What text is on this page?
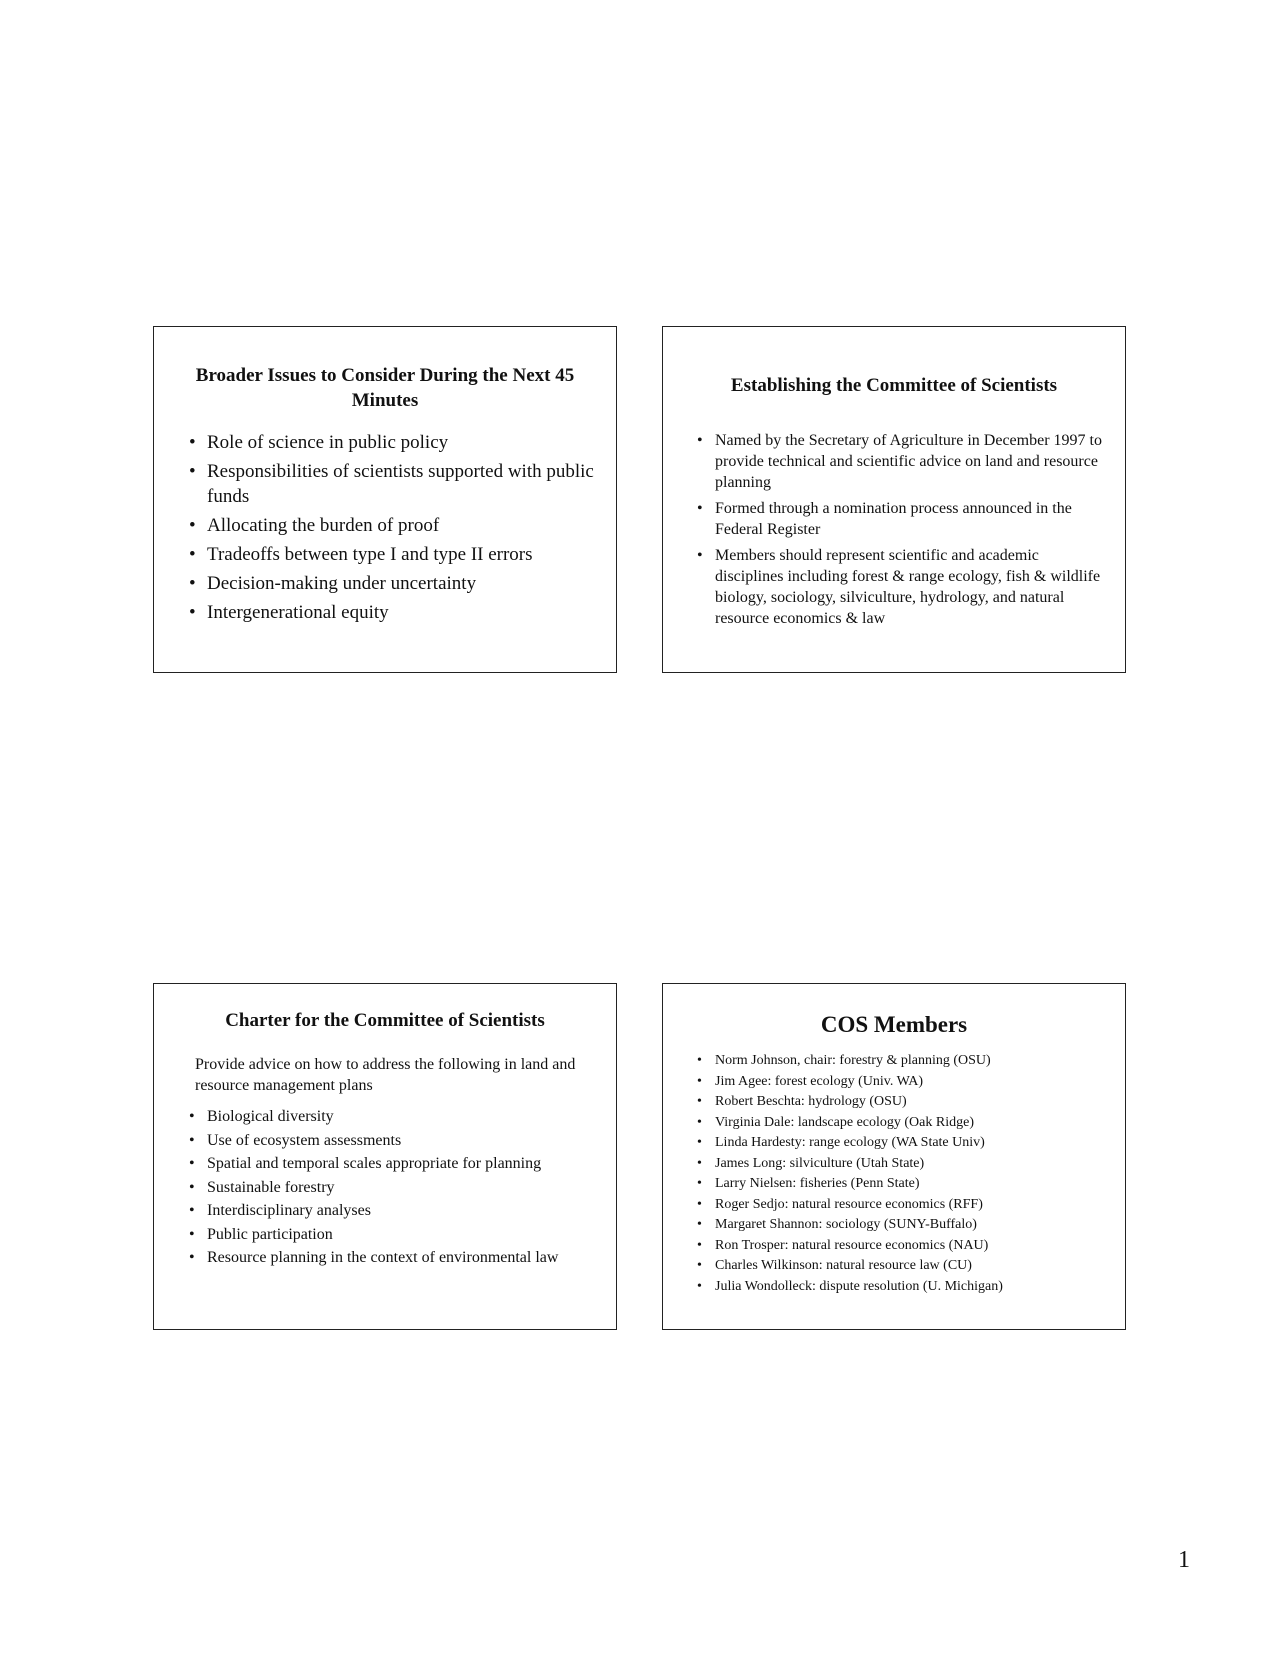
Broader Issues to Consider During the Next 45 Minutes
• Role of science in public policy
• Responsibilities of scientists supported with public funds
• Allocating the burden of proof
• Tradeoffs between type I and type II errors
• Decision-making under uncertainty
• Intergenerational equity
Establishing the Committee of Scientists
• Named by the Secretary of Agriculture in December 1997 to provide technical and scientific advice on land and resource planning
• Formed through a nomination process announced in the Federal Register
• Members should represent scientific and academic disciplines including forest & range ecology, fish & wildlife biology, sociology, silviculture, hydrology, and natural resource economics & law
Charter for the Committee of Scientists
Provide advice on how to address the following in land and resource management plans
• Biological diversity
• Use of ecosystem assessments
• Spatial and temporal scales appropriate for planning
• Sustainable forestry
• Interdisciplinary analyses
• Public participation
• Resource planning in the context of environmental law
COS Members
• Norm Johnson, chair: forestry & planning (OSU)
• Jim Agee: forest ecology (Univ. WA)
• Robert Beschta: hydrology (OSU)
• Virginia Dale: landscape ecology (Oak Ridge)
• Linda Hardesty: range ecology (WA State Univ)
• James Long: silviculture (Utah State)
• Larry Nielsen: fisheries (Penn State)
• Roger Sedjo: natural resource economics (RFF)
• Margaret Shannon: sociology (SUNY-Buffalo)
• Ron Trosper: natural resource economics (NAU)
• Charles Wilkinson: natural resource law (CU)
• Julia Wondolleck: dispute resolution (U. Michigan)
1
